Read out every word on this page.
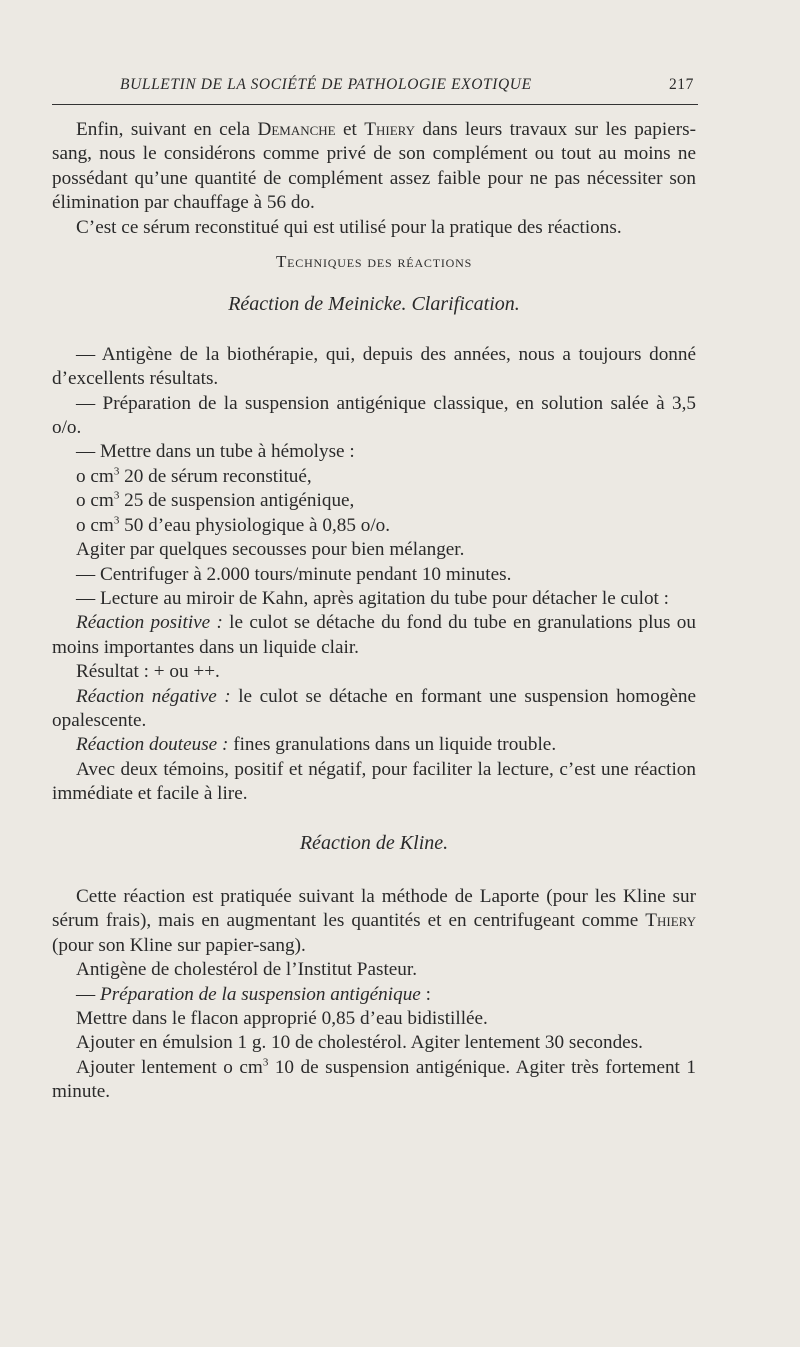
BULLETIN DE LA SOCIÉTÉ DE PATHOLOGIE EXOTIQUE	217

Enfin, suivant en cela Demanche et Thiery dans leurs travaux sur les papiers-sang, nous le considérons comme privé de son complément ou tout au moins ne possédant qu’une quantité de complément assez faible pour ne pas nécessiter son élimination par chauffage à 56 do.

C’est ce sérum reconstitué qui est utilisé pour la pratique des réactions.

Techniques des réactions
Réaction de Meinicke. Clarification.

— Antigène de la biothérapie, qui, depuis des années, nous a toujours donné d’excellents résultats.

— Préparation de la suspension antigénique classique, en solution salée à 3,5 o/o.

— Mettre dans un tube à hémolyse :

o $cm^3$ 20 de sérum reconstitué,

o $cm^3$ 25 de suspension antigénique,

o $cm^3$ 50 d’eau physiologique à 0,85 o/o.

Agiter par quelques secousses pour bien mélanger.

— Centrifuger à 2.000 tours/minute pendant 10 minutes.

— Lecture au miroir de Kahn, après agitation du tube pour détacher le culot :

Réaction positive : le culot se détache du fond du tube en granulations plus ou moins importantes dans un liquide clair.

Résultat : + ou ++.

Réaction négative : le culot se détache en formant une suspension homogène opalescente.

Réaction douteuse : fines granulations dans un liquide trouble.

Avec deux témoins, positif et négatif, pour faciliter la lecture, c’est une réaction immédiate et facile à lire.

Réaction de Kline.

Cette réaction est pratiquée suivant la méthode de Laporte (pour les Kline sur sérum frais), mais en augmentant les quantités et en centrifugeant comme Thiery (pour son Kline sur papier-sang).

Antigène de cholestérol de l’Institut Pasteur.

— Préparation de la suspension antigénique :

Mettre dans le flacon approprié 0,85 d’eau bidistillée.

Ajouter en émulsion 1 g. 10 de cholestérol. Agiter lentement 30 secondes.

Ajouter lentement o $cm^3$ 10 de suspension antigénique. Agiter très fortement 1 minute.
